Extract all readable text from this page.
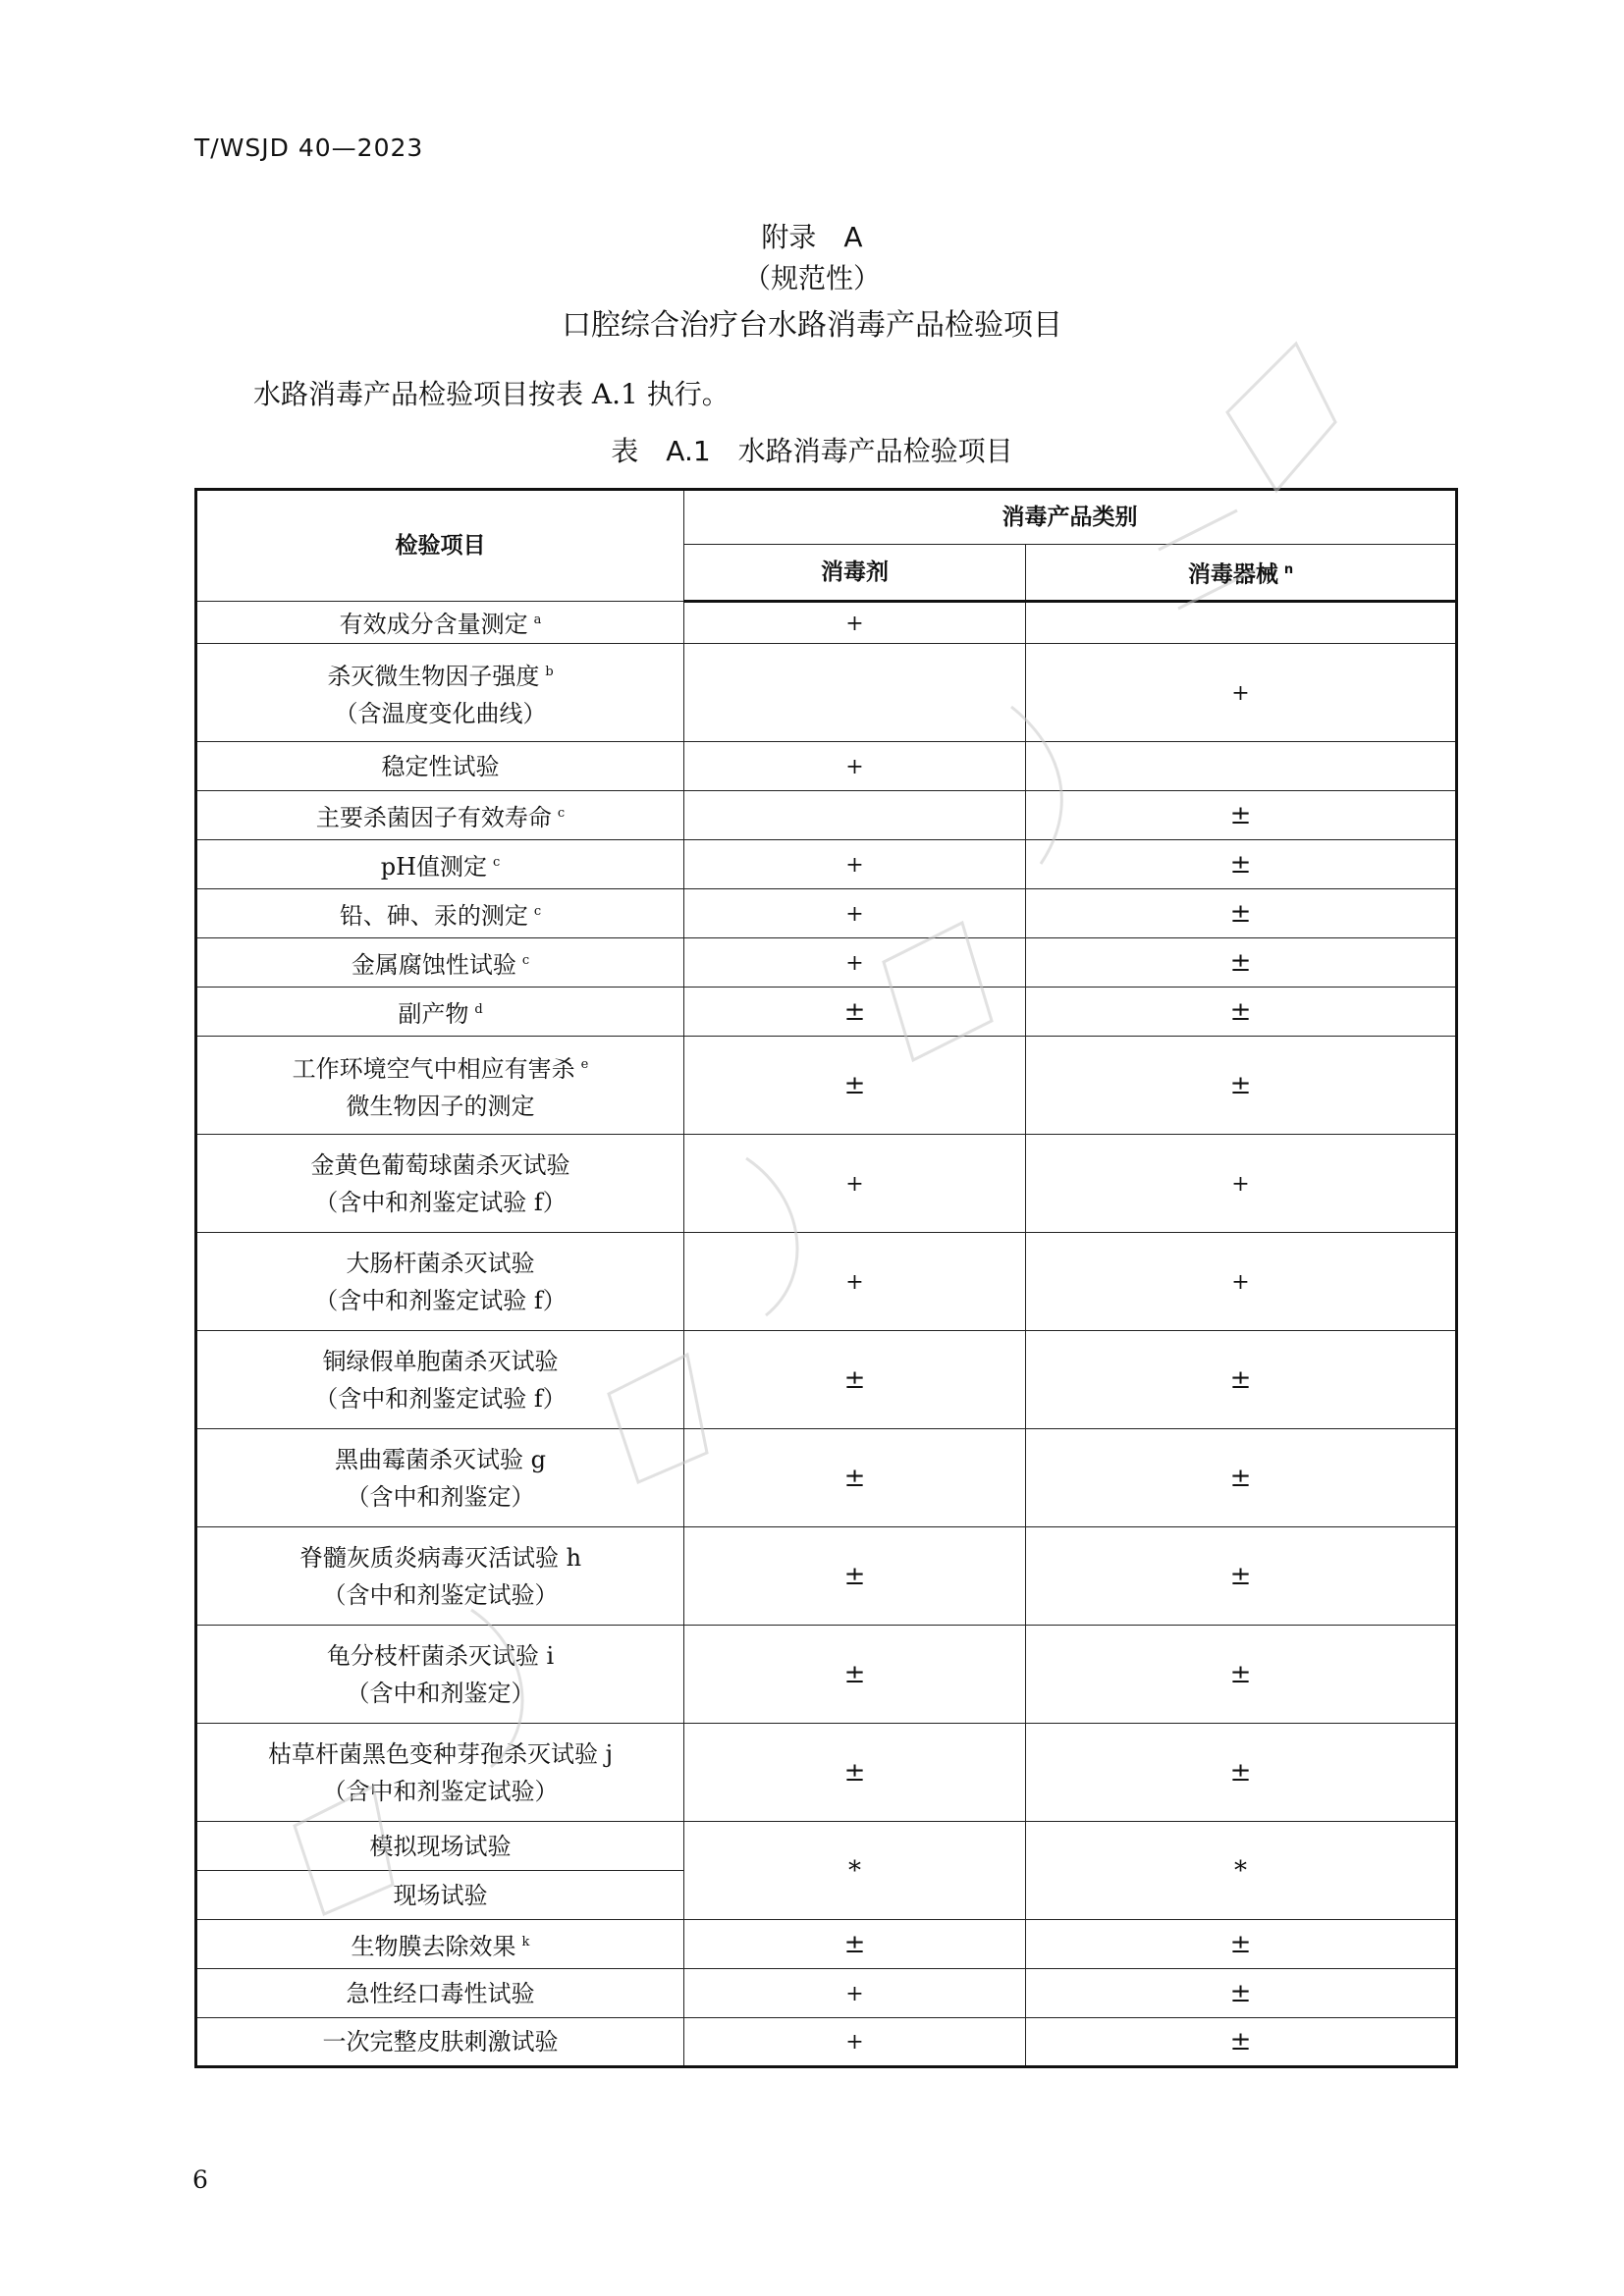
T/WSJD 40—2023
附录　A
（规范性）
口腔综合治疗台水路消毒产品检验项目
水路消毒产品检验项目按表 A.1 执行。
表　A.1　水路消毒产品检验项目
检验项目	消毒产品类别	
	消毒剂	消毒器械 $^n$

有效成分含量测定 $^a$	+	

杀灭微生物因子强度 $^b$
（含温度变化曲线）		+

稳定性试验	+	

主要杀菌因子有效寿命 $^c$		±

pH值测定 $^c$	+	±

铅、砷、汞的测定 $^c$	+	±

金属腐蚀性试验 $^c$	+	±

副产物 $^d$	±	±

工作环境空气中相应有害杀 $^e$
微生物因子的测定	±	±

金黄色葡萄球菌杀灭试验
（含中和剂鉴定试验 f）	+	+

大肠杆菌杀灭试验
（含中和剂鉴定试验 f）	+	+

铜绿假单胞菌杀灭试验
（含中和剂鉴定试验 f）	±	±

黑曲霉菌杀灭试验 g
（含中和剂鉴定）	±	±

脊髓灰质炎病毒灭活试验 h
（含中和剂鉴定试验）	±	±

龟分枝杆菌杀灭试验 i
（含中和剂鉴定）	±	±

枯草杆菌黑色变种芽孢杀灭试验 j
（含中和剂鉴定试验）	±	±
模拟现场试验	*	*
现场试验		

生物膜去除效果 $^k$	±	±

急性经口毒性试验	+	±

一次完整皮肤刺激试验	+	±
6
